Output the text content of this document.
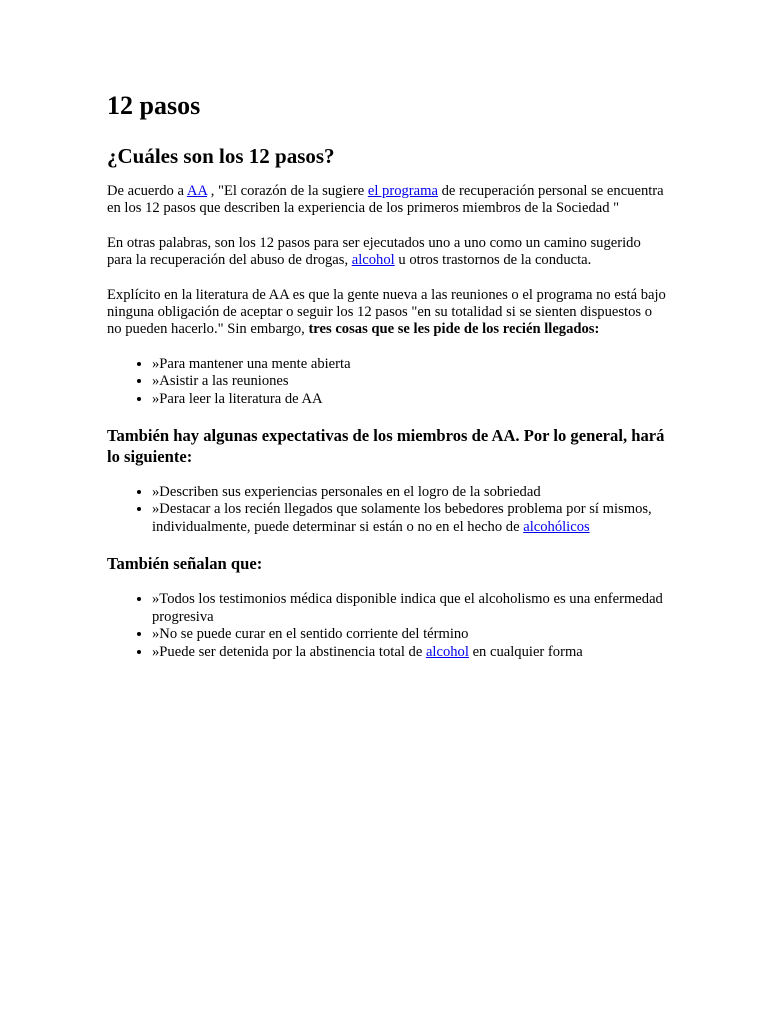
12 pasos
¿Cuáles son los 12 pasos?

De acuerdo a AA , "El corazón de la sugiere el programa de recuperación personal se encuentra en los 12 pasos que describen la experiencia de los primeros miembros de la Sociedad "

En otras palabras, son los 12 pasos para ser ejecutados uno a uno como un camino sugerido para la recuperación del abuso de drogas, alcohol u otros trastornos de la conducta.

Explícito en la literatura de AA es que la gente nueva a las reuniones o el programa no está bajo ninguna obligación de aceptar o seguir los 12 pasos "en su totalidad si se sienten dispuestos o no pueden hacerlo." Sin embargo, tres cosas que se les pide de los recién llegados:

• »Para mantener una mente abierta
• »Asistir a las reuniones
• »Para leer la literatura de AA
También hay algunas expectativas de los miembros de AA. Por lo general, hará lo siguiente:
• »Describen sus experiencias personales en el logro de la sobriedad
• »Destacar a los recién llegados que solamente los bebedores problema por sí mismos, individualmente, puede determinar si están o no en el hecho de alcohólicos
También señalan que:
• »Todos los testimonios médica disponible indica que el alcoholismo es una enfermedad progresiva
• »No se puede curar en el sentido corriente del término
• »Puede ser detenida por la abstinencia total de alcohol en cualquier forma
